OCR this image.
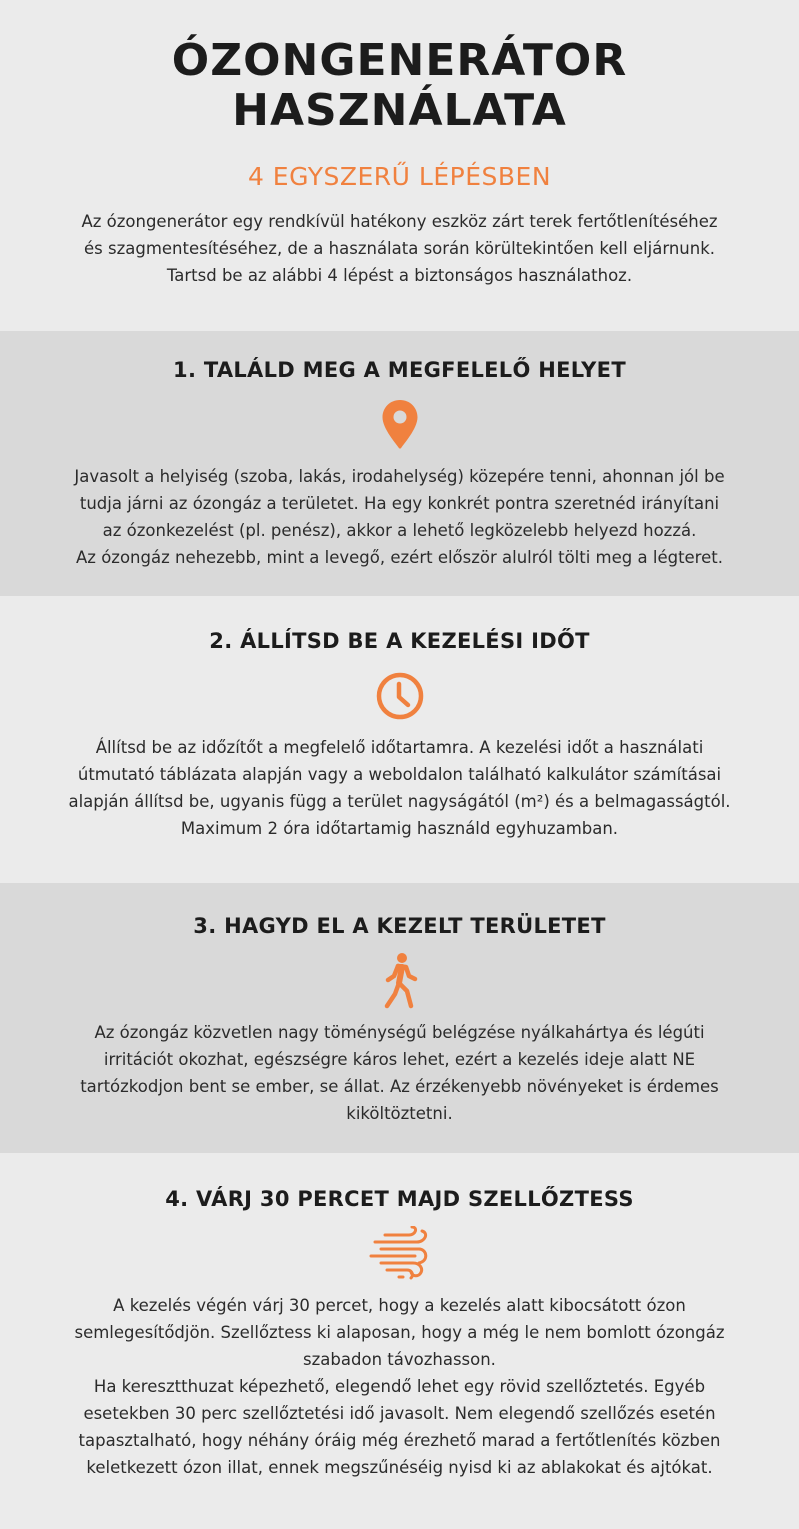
ÓZONGENERÁTOR
HASZNÁLATA
4 EGYSZERŰ LÉPÉSBEN
Az ózongenerátor egy rendkívül hatékony eszköz zárt terek fertőtlenítéséhez
és szagmentesítéséhez, de a használata során körültekintően kell eljárnunk.
Tartsd be az alábbi 4 lépést a biztonságos használathoz.
1. TALÁLD MEG A MEGFELELŐ HELYET

Javasolt a helyiség (szoba, lakás, irodahelység) közepére tenni, ahonnan jól be
tudja járni az ózongáz a területet. Ha egy konkrét pontra szeretnéd irányítani
az ózonkezelést (pl. penész), akkor a lehető legközelebb helyezd hozzá.
Az ózongáz nehezebb, mint a levegő, ezért először alulról tölti meg a légteret.

2. ÁLLÍTSD BE A KEZELÉSI IDŐT

Állítsd be az időzítőt a megfelelő időtartamra. A kezelési időt a használati
útmutató táblázata alapján vagy a weboldalon található kalkulátor számításai
alapján állítsd be, ugyanis függ a terület nagyságától (m²) és a belmagasságtól.
Maximum 2 óra időtartamig használd egyhuzamban.

3. HAGYD EL A KEZELT TERÜLETET

Az ózongáz közvetlen nagy töménységű belégzése nyálkahártya és légúti
irritációt okozhat, egészségre káros lehet, ezért a kezelés ideje alatt NE
tartózkodjon bent se ember, se állat. Az érzékenyebb növényeket is érdemes
kiköltöztetni.

4. VÁRJ 30 PERCET MAJD SZELLŐZTESS

A kezelés végén várj 30 percet, hogy a kezelés alatt kibocsátott ózon
semlegesítődjön. Szellőztess ki alaposan, hogy a még le nem bomlott ózongáz
szabadon távozhasson.
Ha keresztthuzat képezhető, elegendő lehet egy rövid szellőztetés. Egyéb
esetekben 30 perc szellőztetési idő javasolt. Nem elegendő szellőzés esetén
tapasztalható, hogy néhány óráig még érezhető marad a fertőtlenítés közben
keletkezett ózon illat, ennek megszűnéséig nyisd ki az ablakokat és ajtókat.
